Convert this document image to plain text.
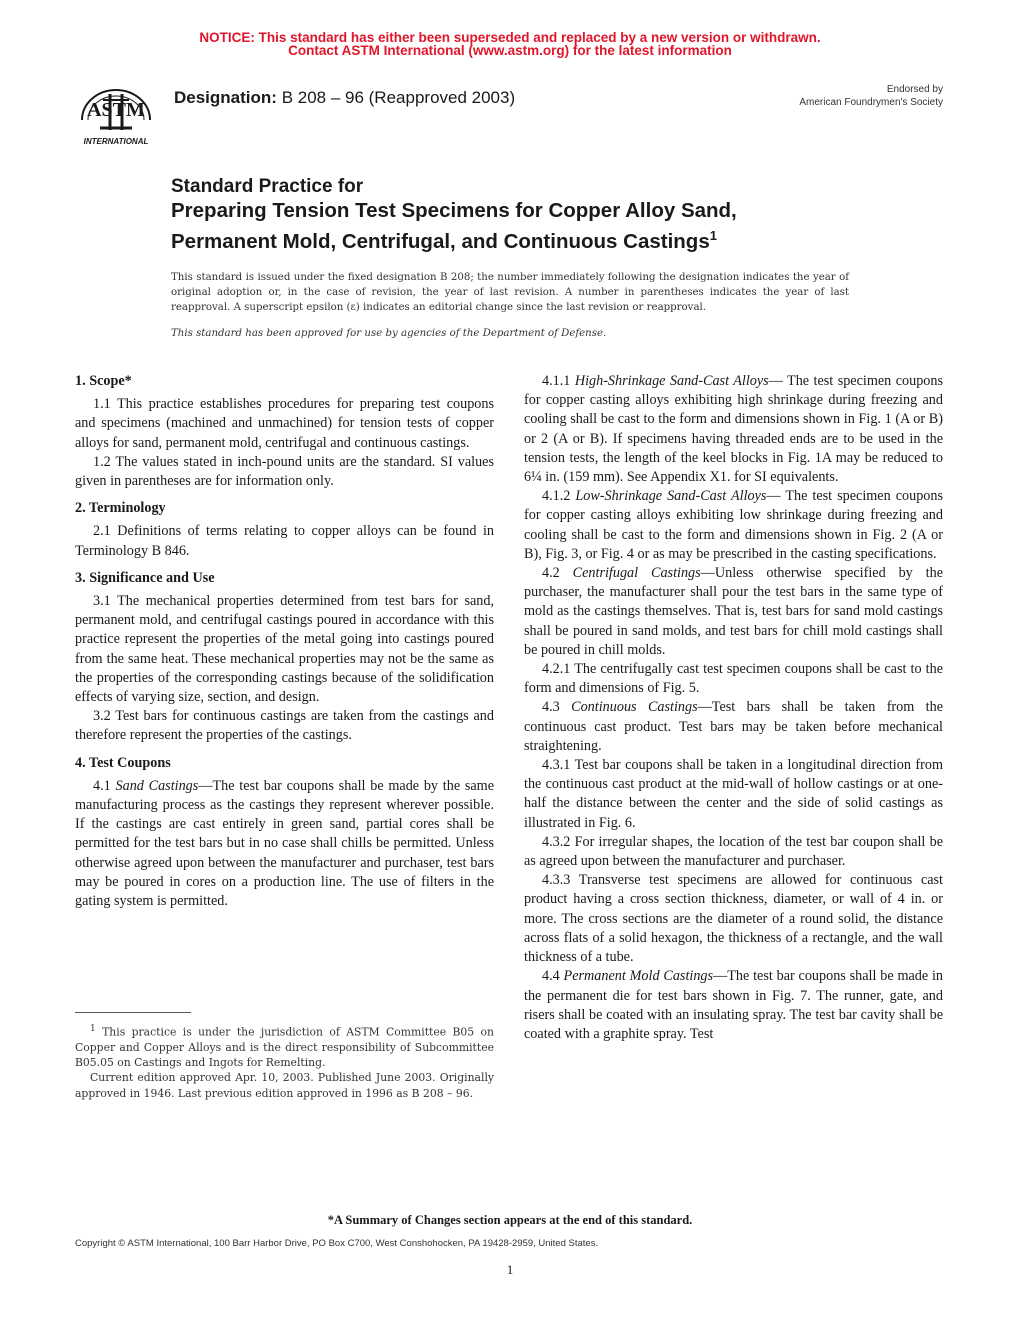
NOTICE: This standard has either been superseded and replaced by a new version or withdrawn.
Contact ASTM International (www.astm.org) for the latest information
ASTM
INTERNATIONAL
Designation: B 208 – 96 (Reapproved 2003)	Endorsed by
American Foundrymen's Society
Standard Practice for
Preparing Tension Test Specimens for Copper Alloy Sand,
Permanent Mold, Centrifugal, and Continuous Castings$^1$
This standard is issued under the fixed designation B 208; the number immediately following the designation indicates the year of original adoption or, in the case of revision, the year of last revision. A number in parentheses indicates the year of last reapproval. A superscript epsilon (ε) indicates an editorial change since the last revision or reapproval.
This standard has been approved for use by agencies of the Department of Defense.
1. Scope*

1.1 This practice establishes procedures for preparing test coupons and specimens (machined and unmachined) for tension tests of copper alloys for sand, permanent mold, centrifugal and continuous castings.

1.2 The values stated in inch-pound units are the standard. SI values given in parentheses are for information only.

2. Terminology

2.1 Definitions of terms relating to copper alloys can be found in Terminology B 846.

3. Significance and Use

3.1 The mechanical properties determined from test bars for sand, permanent mold, and centrifugal castings poured in accordance with this practice represent the properties of the metal going into castings poured from the same heat. These mechanical properties may not be the same as the properties of the corresponding castings because of the solidification effects of varying size, section, and design.

3.2 Test bars for continuous castings are taken from the castings and therefore represent the properties of the castings.

4. Test Coupons

4.1 Sand Castings—The test bar coupons shall be made by the same manufacturing process as the castings they represent wherever possible. If the castings are cast entirely in green sand, partial cores shall be permitted for the test bars but in no case shall chills be permitted. Unless otherwise agreed upon between the manufacturer and purchaser, test bars may be poured in cores on a production line. The use of filters in the gating system is permitted.

4.1.1 High-Shrinkage Sand-Cast Alloys— The test specimen coupons for copper casting alloys exhibiting high shrinkage during freezing and cooling shall be cast to the form and dimensions shown in Fig. 1 (A or B) or 2 (A or B). If specimens having threaded ends are to be used in the tension tests, the length of the keel blocks in Fig. 1A may be reduced to 6¼ in. (159 mm). See Appendix X1. for SI equivalents.

4.1.2 Low-Shrinkage Sand-Cast Alloys— The test specimen coupons for copper casting alloys exhibiting low shrinkage during freezing and cooling shall be cast to the form and dimensions shown in Fig. 2 (A or B), Fig. 3, or Fig. 4 or as may be prescribed in the casting specifications.

4.2 Centrifugal Castings—Unless otherwise specified by the purchaser, the manufacturer shall pour the test bars in the same type of mold as the castings themselves. That is, test bars for sand mold castings shall be poured in sand molds, and test bars for chill mold castings shall be poured in chill molds.

4.2.1 The centrifugally cast test specimen coupons shall be cast to the form and dimensions of Fig. 5.

4.3 Continuous Castings—Test bars shall be taken from the continuous cast product. Test bars may be taken before mechanical straightening.

4.3.1 Test bar coupons shall be taken in a longitudinal direction from the continuous cast product at the mid-wall of hollow castings or at one-half the distance between the center and the side of solid castings as illustrated in Fig. 6.

4.3.2 For irregular shapes, the location of the test bar coupon shall be as agreed upon between the manufacturer and purchaser.

4.3.3 Transverse test specimens are allowed for continuous cast product having a cross section thickness, diameter, or wall of 4 in. or more. The cross sections are the diameter of a round solid, the distance across flats of a solid hexagon, the thickness of a rectangle, and the wall thickness of a tube.

4.4 Permanent Mold Castings—The test bar coupons shall be made in the permanent die for test bars shown in Fig. 7. The runner, gate, and risers shall be coated with an insulating spray. The test bar cavity shall be coated with a graphite spray. Test

$^1$ This practice is under the jurisdiction of ASTM Committee B05 on Copper and Copper Alloys and is the direct responsibility of Subcommittee B05.05 on Castings and Ingots for Remelting.

Current edition approved Apr. 10, 2003. Published June 2003. Originally approved in 1946. Last previous edition approved in 1996 as B 208 – 96.

*A Summary of Changes section appears at the end of this standard.
Copyright © ASTM International, 100 Barr Harbor Drive, PO Box C700, West Conshohocken, PA 19428-2959, United States.
1
